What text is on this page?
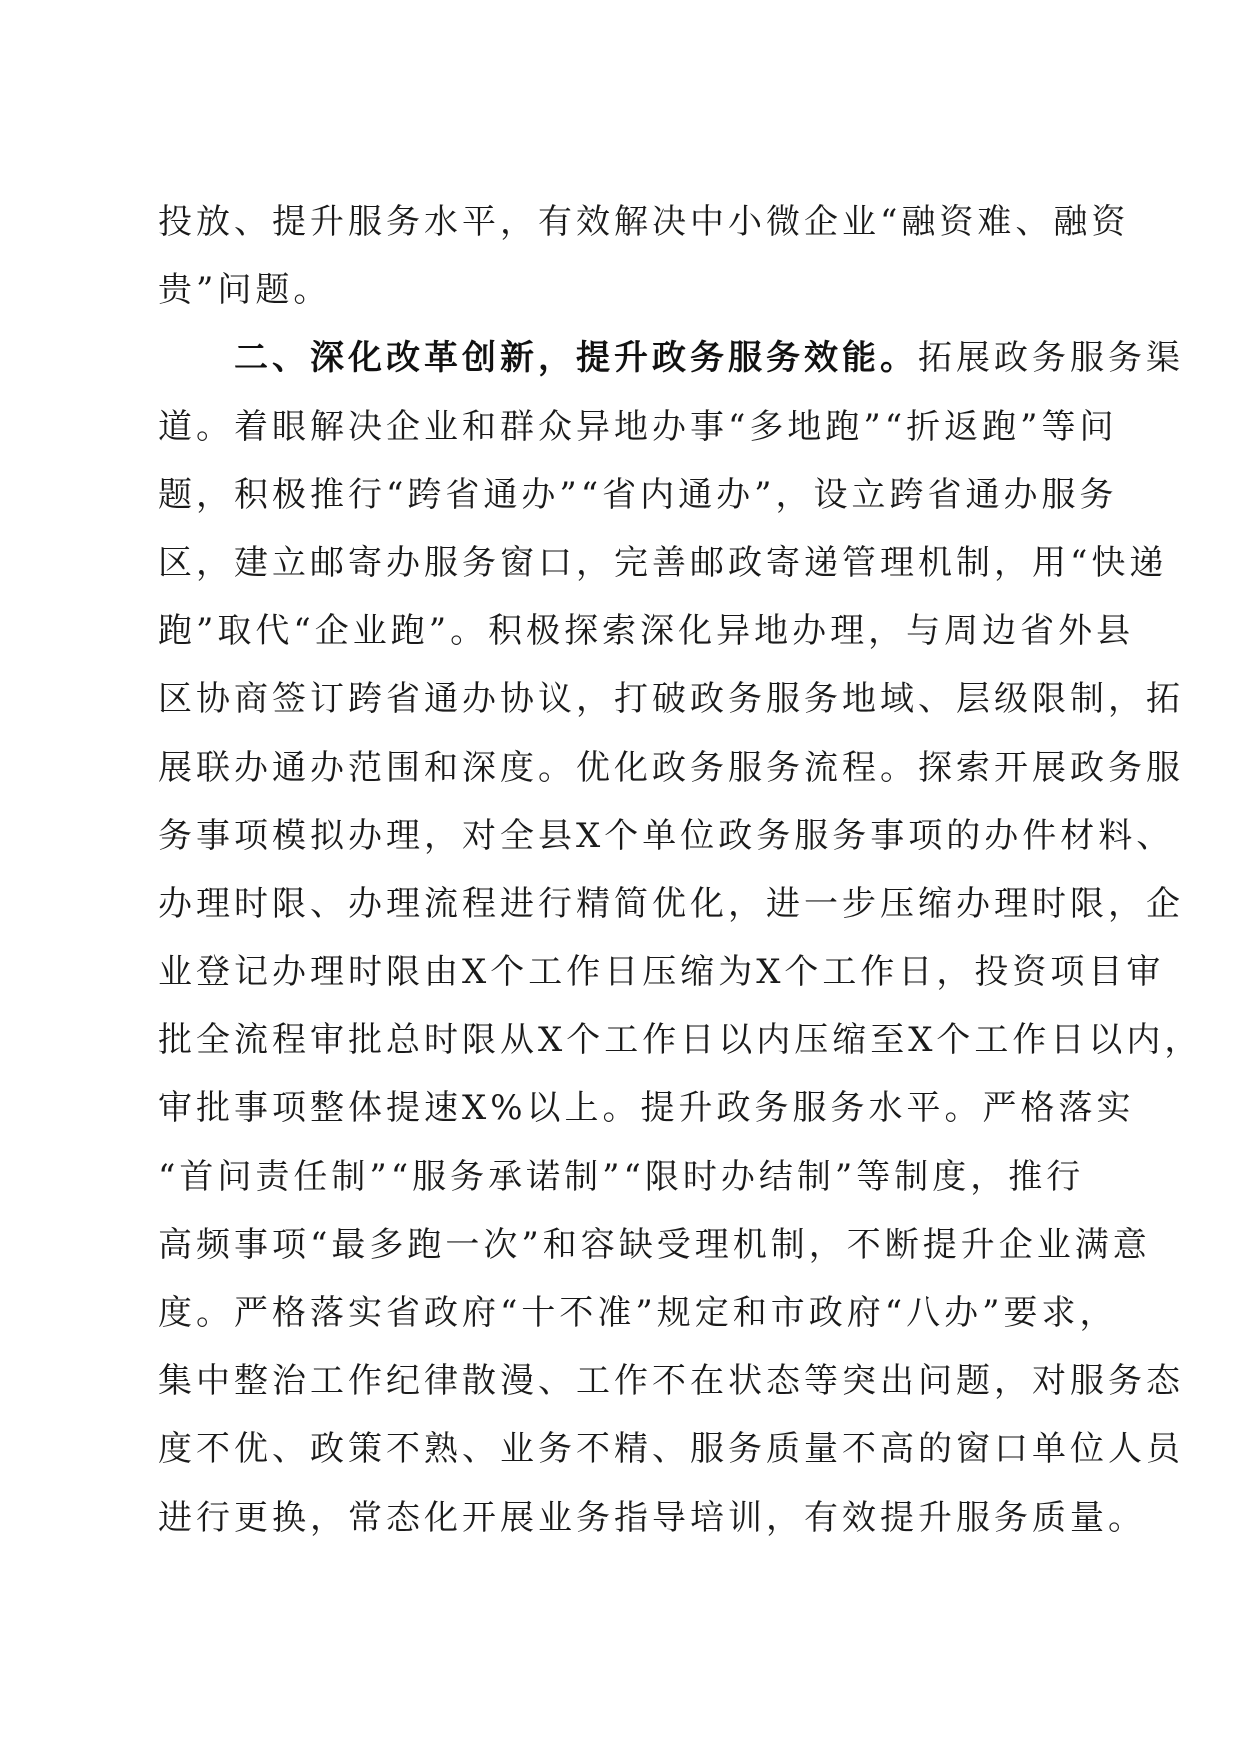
投放、提升服务水平，有效解决中小微企业“融资难、融资
贵”问题。
　　二、深化改革创新，提升政务服务效能。拓展政务服务渠
道。着眼解决企业和群众异地办事“多地跑”“折返跑”等问
题，积极推行“跨省通办”“省内通办”，设立跨省通办服务
区，建立邮寄办服务窗口，完善邮政寄递管理机制，用“快递
跑”取代“企业跑”。积极探索深化异地办理，与周边省外县
区协商签订跨省通办协议，打破政务服务地域、层级限制，拓
展联办通办范围和深度。优化政务服务流程。探索开展政务服
务事项模拟办理，对全县X个单位政务服务事项的办件材料、
办理时限、办理流程进行精简优化，进一步压缩办理时限，企
业登记办理时限由X个工作日压缩为X个工作日，投资项目审
批全流程审批总时限从X个工作日以内压缩至X个工作日以内，
审批事项整体提速X%以上。提升政务服务水平。严格落实
“首问责任制”“服务承诺制”“限时办结制”等制度，推行
高频事项“最多跑一次”和容缺受理机制，不断提升企业满意
度。严格落实省政府“十不准”规定和市政府“八办”要求，
集中整治工作纪律散漫、工作不在状态等突出问题，对服务态
度不优、政策不熟、业务不精、服务质量不高的窗口单位人员
进行更换，常态化开展业务指导培训，有效提升服务质量。
